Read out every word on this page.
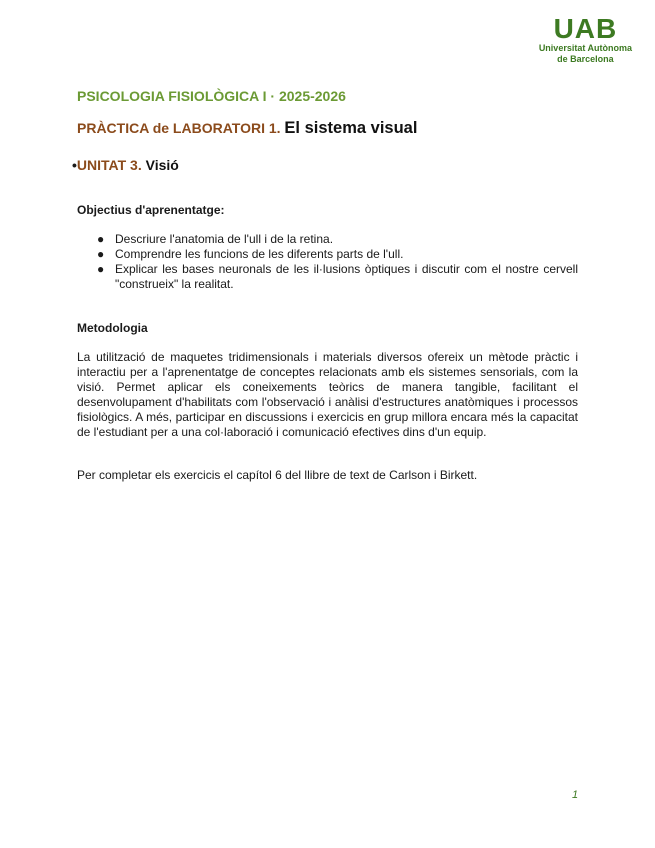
UAB
Universitat Autònoma
de Barcelona
PSICOLOGIA FISIOLÒGICA I · 2025-2026
PRÀCTICA de LABORATORI 1. El sistema visual
•UNITAT 3. Visió
Objectius d'aprenentatge:
● Descriure l'anatomia de l'ull i de la retina.
● Comprendre les funcions de les diferents parts de l'ull.
● Explicar les bases neuronals de les il·lusions òptiques i discutir com el nostre cervell "construeix" la realitat.
Metodologia

La utilització de maquetes tridimensionals i materials diversos ofereix un mètode pràctic i interactiu per a l'aprenentatge de conceptes relacionats amb els sistemes sensorials, com la visió. Permet aplicar els coneixements teòrics de manera tangible, facilitant el desenvolupament d'habilitats com l'observació i anàlisi d'estructures anatòmiques i processos fisiològics. A més, participar en discussions i exercicis en grup millora encara més la capacitat de l'estudiant per a una col·laboració i comunicació efectives dins d'un equip.

Per completar els exercicis el capítol 6 del llibre de text de Carlson i Birkett.

1
